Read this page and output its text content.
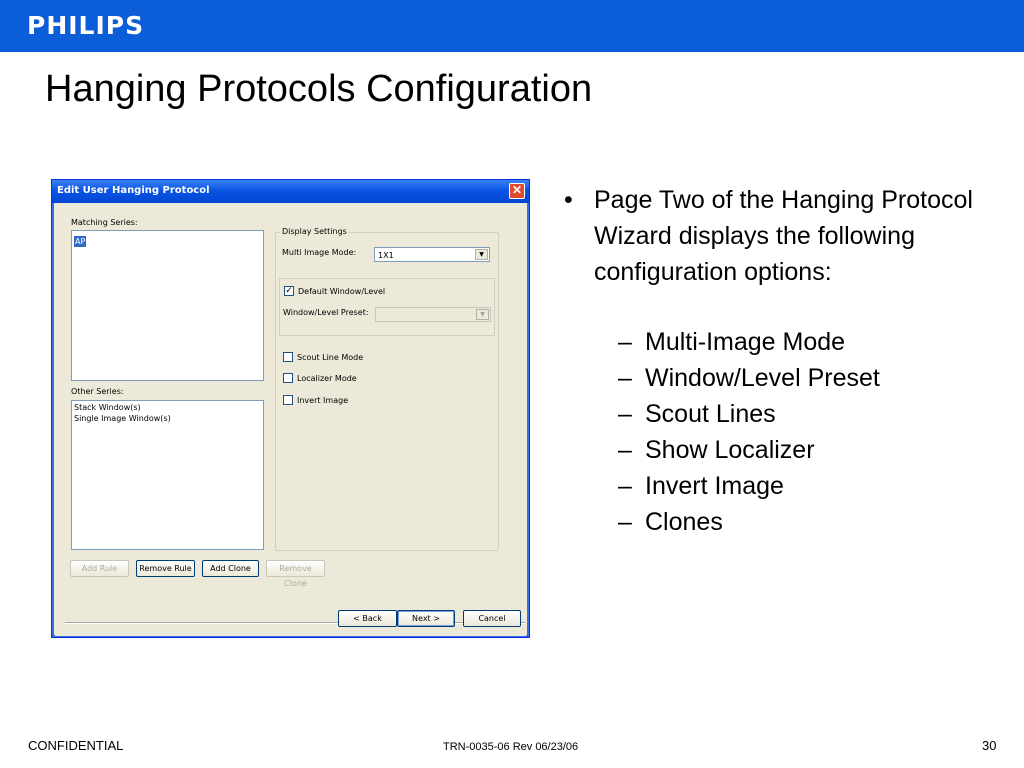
PHILIPS
Hanging Protocols Configuration
Edit User Hanging Protocol	✕
Matching Series:
AP
Other Series:
Stack Window(s)
Single Image Window(s)
Display Settings
Multi Image Mode:	1X1	▼
✓ Default Window/Level
Window/Level Preset:	▼
Scout Line Mode
Localizer Mode
Invert Image
Add Rule	Remove Rule	Add Clone	Remove Clone
< Back	Next >	Cancel
• Page Two of the Hanging Protocol Wizard displays the following configuration options:
– Multi-Image Mode
– Window/Level Preset
– Scout Lines
– Show Localizer
– Invert Image
– Clones
CONFIDENTIAL	TRN-0035-06 Rev 06/23/06	30
